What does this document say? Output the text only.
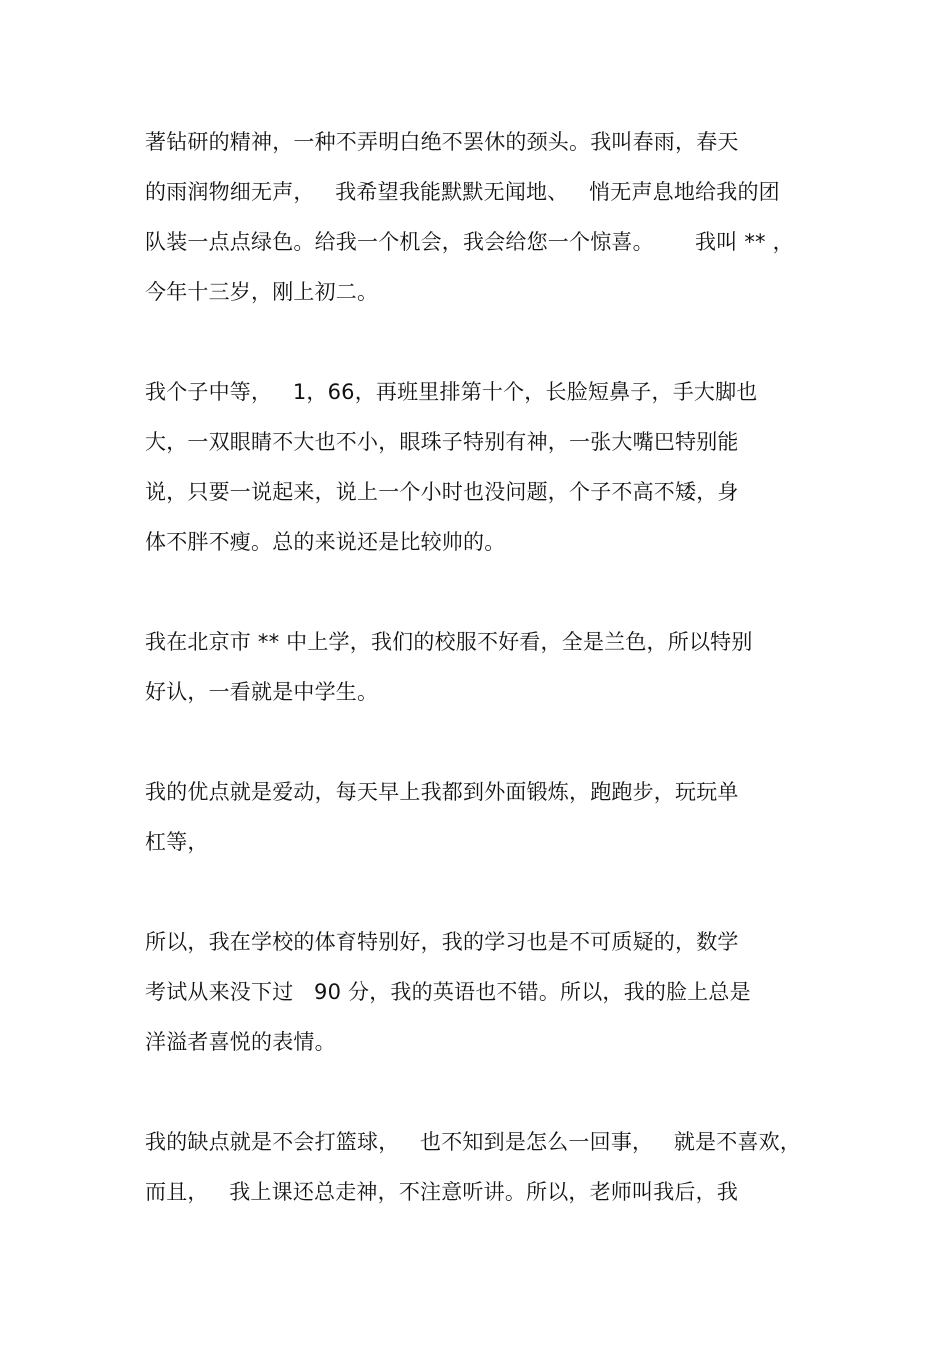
著钻研的精神，一种不弄明白绝不罢休的颈头。我叫春雨，春天
的雨润物细无声，   我希望我能默默无闻地、   悄无声息地给我的团
队装一点点绿色。给我一个机会，我会给您一个惊喜。      我叫 ** ，
今年十三岁，刚上初二。
我个子中等，   1，66，再班里排第十个，长脸短鼻子，手大脚也
大，一双眼睛不大也不小，眼珠子特别有神，一张大嘴巴特别能
说，只要一说起来，说上一个小时也没问题，个子不高不矮，身
体不胖不瘦。总的来说还是比较帅的。
我在北京市 ** 中上学，我们的校服不好看，全是兰色，所以特别
好认，一看就是中学生。
我的优点就是爱动，每天早上我都到外面锻炼，跑跑步，玩玩单
杠等，
所以，我在学校的体育特别好，我的学习也是不可质疑的，数学
考试从来没下过   90 分，我的英语也不错。所以，我的脸上总是
洋溢者喜悦的表情。
我的缺点就是不会打篮球，   也不知到是怎么一回事，   就是不喜欢，
而且，   我上课还总走神，不注意听讲。所以，老师叫我后，我
